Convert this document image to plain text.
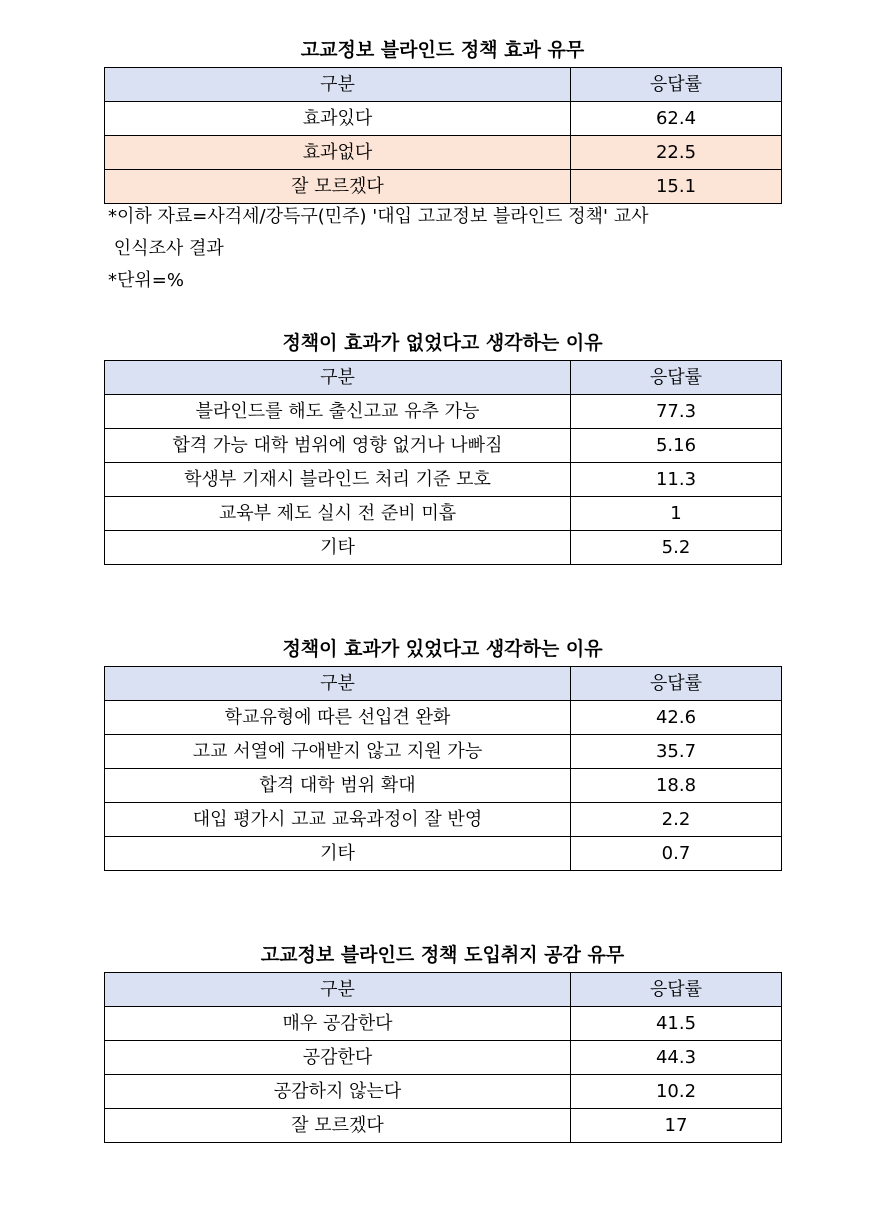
고교정보 블라인드 정책 효과 유무
구분	응답률
효과있다	62.4
효과없다	22.5
잘 모르겠다	15.1
*이하 자료=사걱세/강득구(민주) '대입 고교정보 블라인드 정책' 교사
인식조사 결과
*단위=%
정책이 효과가 없었다고 생각하는 이유
구분	응답률
블라인드를 해도 출신고교 유추 가능	77.3
합격 가능 대학 범위에 영향 없거나 나빠짐	5.16
학생부 기재시 블라인드 처리 기준 모호	11.3
교육부 제도 실시 전 준비 미흡	1
기타	5.2
정책이 효과가 있었다고 생각하는 이유
구분	응답률
학교유형에 따른 선입견 완화	42.6
고교 서열에 구애받지 않고 지원 가능	35.7
합격 대학 범위 확대	18.8
대입 평가시 고교 교육과정이 잘 반영	2.2
기타	0.7
고교정보 블라인드 정책 도입취지 공감 유무
구분	응답률
매우 공감한다	41.5
공감한다	44.3
공감하지 않는다	10.2
잘 모르겠다	17
